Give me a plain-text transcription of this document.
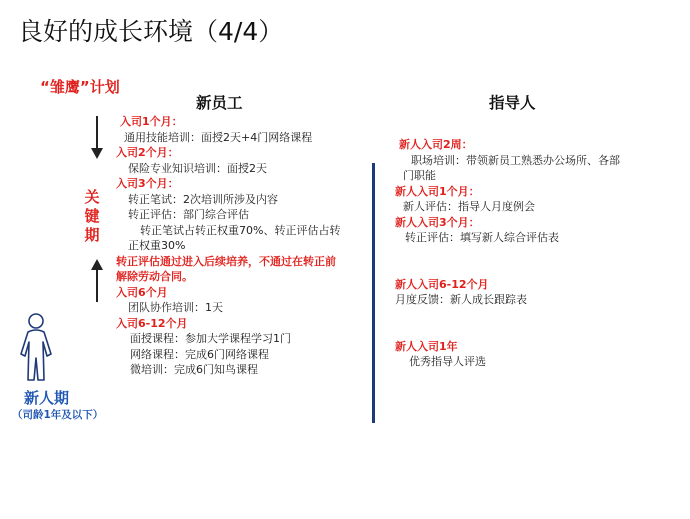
良好的成长环境（4/4）
“雏鹰”计划
新员工	指导人
关键期
新人期
（司龄1年及以下）
入司1个月：
通用技能培训：面授2天+4门网络课程
入司2个月：
保险专业知识培训：面授2天
入司3个月：
转正笔试：2次培训所涉及内容
转正评估：部门综合评估
转正笔试占转正权重70%、转正评估占转正权重30%
转正评估通过进入后续培养，不通过在转正前解除劳动合同。
入司6个月
团队协作培训：1天
入司6-12个月
面授课程：参加大学课程学习1门
网络课程：完成6门网络课程
微培训：完成6门知鸟课程
新人入司2周：
职场培训：带领新员工熟悉办公场所、各部门职能
新人入司1个月：
新人评估：指导人月度例会
新人入司3个月：
转正评估：填写新人综合评估表
新人入司6-12个月
月度反馈：新人成长跟踪表
新人入司1年
优秀指导人评选
